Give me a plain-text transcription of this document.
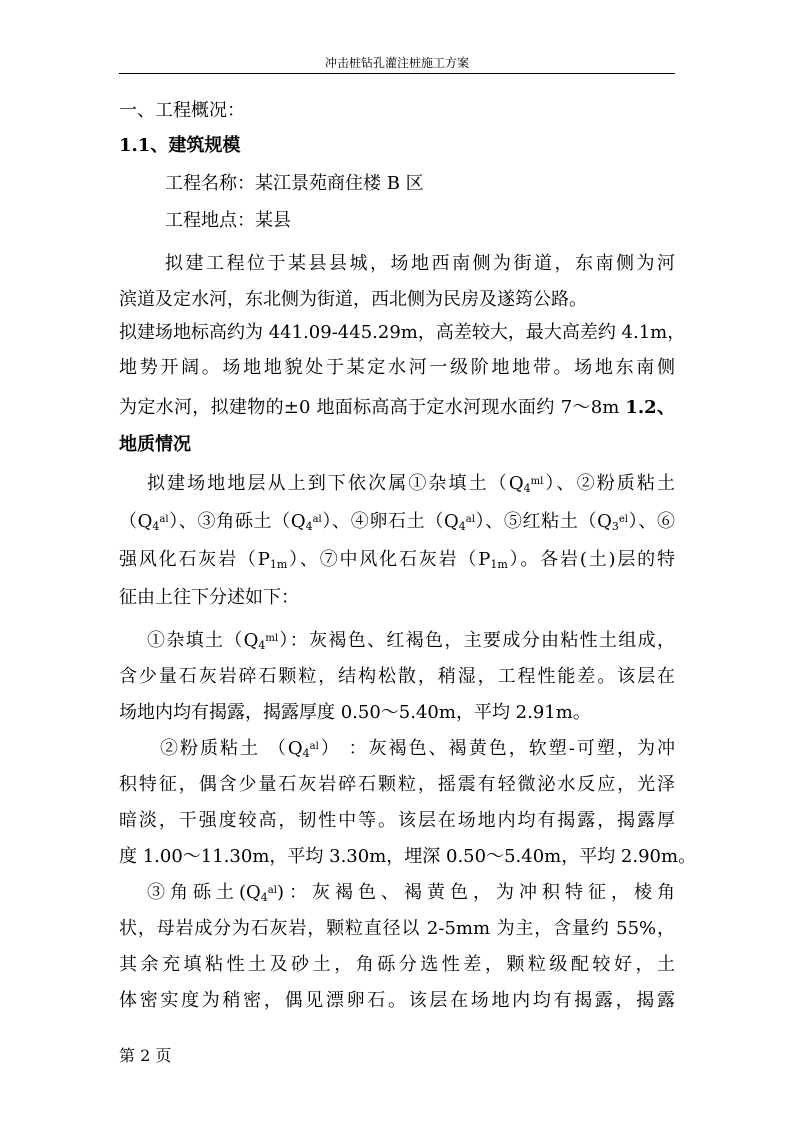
冲击桩钻孔灌注桩施工方案
一、工程概况：
1.1、建筑规模
工程名称：某江景苑商住楼 B 区
工程地点：某县
拟建工程位于某县县城，场地西南侧为街道，东南侧为河
滨道及定水河，东北侧为街道，西北侧为民房及遂筠公路。
拟建场地标高约为 441.09-445.29m，高差较大，最大高差约 4.1m，
地势开阔。场地地貌处于某定水河一级阶地地带。场地东南侧
为定水河，拟建物的±0 地面标高高于定水河现水面约 7～8m 1.2、
地质情况
拟建场地地层从上到下依次属①杂填土$(Q_4^{ml})$、②粉质粘土
$(Q_4^{al})$、③角砾土$(Q_4^{al})$、④卵石土$(Q_4^{al})$、⑤红粘土$(Q_3^{el})$、⑥
强风化石灰岩$(P_{1m})$、⑦中风化石灰岩$(P_{1m})$。各岩(土)层的特
征由上往下分述如下：
①杂填土$(Q_4^{ml})$：灰褐色、红褐色，主要成分由粘性土组成，
含少量石灰岩碎石颗粒，结构松散，稍湿，工程性能差。该层在
场地内均有揭露，揭露厚度 0.50～5.40m，平均 2.91m。
②粉质粘土 $(Q_4^{al})$ ：灰褐色、褐黄色，软塑-可塑，为冲
积特征，偶含少量石灰岩碎石颗粒，摇震有轻微泌水反应，光泽
暗淡，干强度较高，韧性中等。该层在场地内均有揭露，揭露厚
度 1.00～11.30m，平均 3.30m，埋深 0.50～5.40m，平均 2.90m。
③角砾土$(Q_4^{al})$：灰褐色、褐黄色，为冲积特征，棱角
状，母岩成分为石灰岩，颗粒直径以 2-5mm 为主，含量约 55%，
其余充填粘性土及砂土，角砾分选性差，颗粒级配较好，土
体密实度为稍密，偶见漂卵石。该层在场地内均有揭露，揭露
第 2 页
